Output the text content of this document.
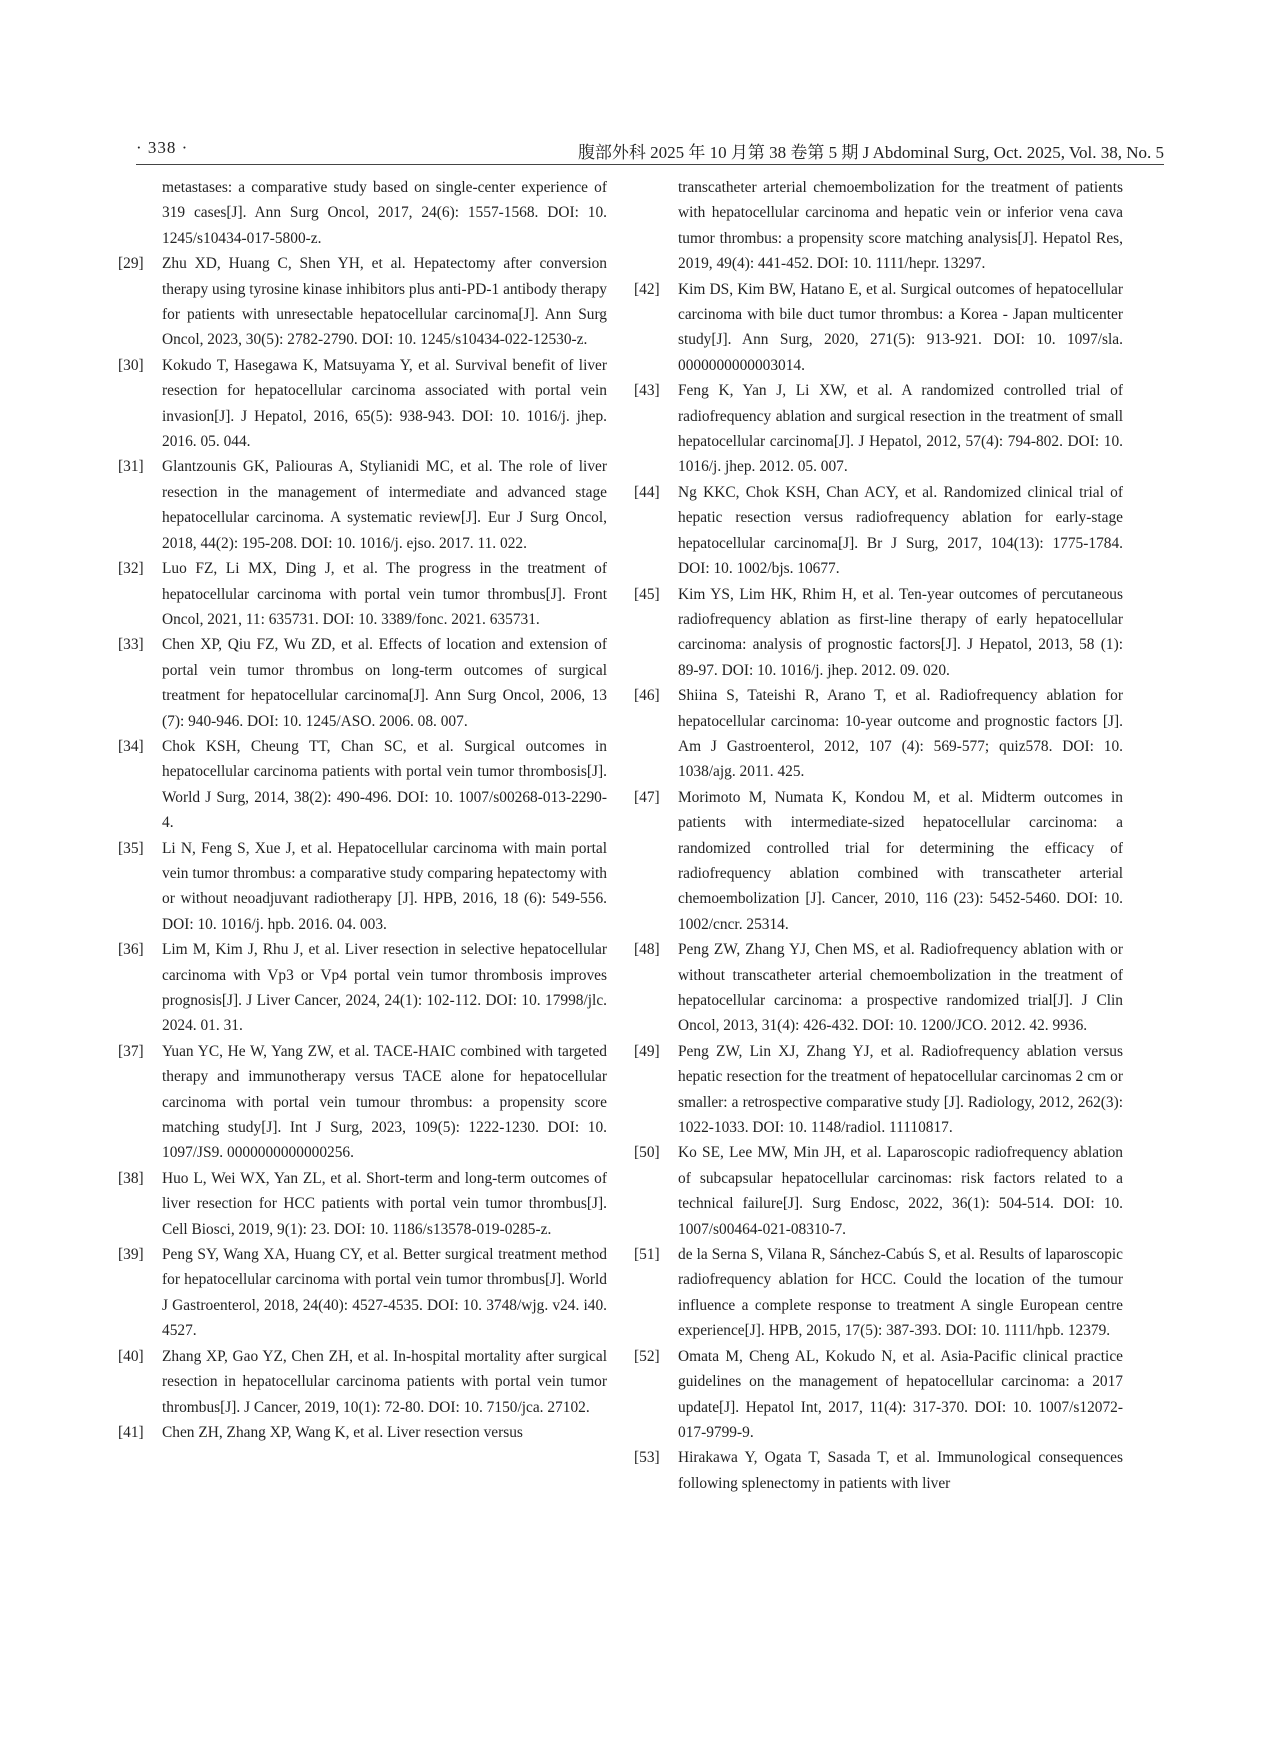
· 338 ·	腹部外科 2025 年 10 月第 38 卷第 5 期 J Abdominal Surg, Oct. 2025, Vol. 38, No. 5

metastases: a comparative study based on single-center experience of 319 cases[J]. Ann Surg Oncol, 2017, 24(6): 1557-1568. DOI: 10. 1245/s10434-017-5800-z.

[29] Zhu XD, Huang C, Shen YH, et al. Hepatectomy after conversion therapy using tyrosine kinase inhibitors plus anti-PD-1 antibody therapy for patients with unresectable hepatocellular carcinoma[J]. Ann Surg Oncol, 2023, 30(5): 2782-2790. DOI: 10. 1245/s10434-022-12530-z.

[30] Kokudo T, Hasegawa K, Matsuyama Y, et al. Survival benefit of liver resection for hepatocellular carcinoma associated with portal vein invasion[J]. J Hepatol, 2016, 65(5): 938-943. DOI: 10. 1016/j. jhep. 2016. 05. 044.

[31] Glantzounis GK, Paliouras A, Stylianidi MC, et al. The role of liver resection in the management of intermediate and advanced stage hepatocellular carcinoma. A systematic review[J]. Eur J Surg Oncol, 2018, 44(2): 195-208. DOI: 10. 1016/j. ejso. 2017. 11. 022.

[32] Luo FZ, Li MX, Ding J, et al. The progress in the treatment of hepatocellular carcinoma with portal vein tumor thrombus[J]. Front Oncol, 2021, 11: 635731. DOI: 10. 3389/fonc. 2021. 635731.

[33] Chen XP, Qiu FZ, Wu ZD, et al. Effects of location and extension of portal vein tumor thrombus on long-term outcomes of surgical treatment for hepatocellular carcinoma[J]. Ann Surg Oncol, 2006, 13 (7): 940-946. DOI: 10. 1245/ASO. 2006. 08. 007.

[34] Chok KSH, Cheung TT, Chan SC, et al. Surgical outcomes in hepatocellular carcinoma patients with portal vein tumor thrombosis[J]. World J Surg, 2014, 38(2): 490-496. DOI: 10. 1007/s00268-013-2290-4.

[35] Li N, Feng S, Xue J, et al. Hepatocellular carcinoma with main portal vein tumor thrombus: a comparative study comparing hepatectomy with or without neoadjuvant radiotherapy [J]. HPB, 2016, 18 (6): 549-556. DOI: 10. 1016/j. hpb. 2016. 04. 003.

[36] Lim M, Kim J, Rhu J, et al. Liver resection in selective hepatocellular carcinoma with Vp3 or Vp4 portal vein tumor thrombosis improves prognosis[J]. J Liver Cancer, 2024, 24(1): 102-112. DOI: 10. 17998/jlc. 2024. 01. 31.

[37] Yuan YC, He W, Yang ZW, et al. TACE-HAIC combined with targeted therapy and immunotherapy versus TACE alone for hepatocellular carcinoma with portal vein tumour thrombus: a propensity score matching study[J]. Int J Surg, 2023, 109(5): 1222-1230. DOI: 10. 1097/JS9. 0000000000000256.

[38] Huo L, Wei WX, Yan ZL, et al. Short-term and long-term outcomes of liver resection for HCC patients with portal vein tumor thrombus[J]. Cell Biosci, 2019, 9(1): 23. DOI: 10. 1186/s13578-019-0285-z.

[39] Peng SY, Wang XA, Huang CY, et al. Better surgical treatment method for hepatocellular carcinoma with portal vein tumor thrombus[J]. World J Gastroenterol, 2018, 24(40): 4527-4535. DOI: 10. 3748/wjg. v24. i40. 4527.

[40] Zhang XP, Gao YZ, Chen ZH, et al. In-hospital mortality after surgical resection in hepatocellular carcinoma patients with portal vein tumor thrombus[J]. J Cancer, 2019, 10(1): 72-80. DOI: 10. 7150/jca. 27102.

[41] Chen ZH, Zhang XP, Wang K, et al. Liver resection versus

transcatheter arterial chemoembolization for the treatment of patients with hepatocellular carcinoma and hepatic vein or inferior vena cava tumor thrombus: a propensity score matching analysis[J]. Hepatol Res, 2019, 49(4): 441-452. DOI: 10. 1111/hepr. 13297.

[42] Kim DS, Kim BW, Hatano E, et al. Surgical outcomes of hepatocellular carcinoma with bile duct tumor thrombus: a Korea - Japan multicenter study[J]. Ann Surg, 2020, 271(5): 913-921. DOI: 10. 1097/sla. 0000000000003014.

[43] Feng K, Yan J, Li XW, et al. A randomized controlled trial of radiofrequency ablation and surgical resection in the treatment of small hepatocellular carcinoma[J]. J Hepatol, 2012, 57(4): 794-802. DOI: 10. 1016/j. jhep. 2012. 05. 007.

[44] Ng KKC, Chok KSH, Chan ACY, et al. Randomized clinical trial of hepatic resection versus radiofrequency ablation for early-stage hepatocellular carcinoma[J]. Br J Surg, 2017, 104(13): 1775-1784. DOI: 10. 1002/bjs. 10677.

[45] Kim YS, Lim HK, Rhim H, et al. Ten-year outcomes of percutaneous radiofrequency ablation as first-line therapy of early hepatocellular carcinoma: analysis of prognostic factors[J]. J Hepatol, 2013, 58 (1): 89-97. DOI: 10. 1016/j. jhep. 2012. 09. 020.

[46] Shiina S, Tateishi R, Arano T, et al. Radiofrequency ablation for hepatocellular carcinoma: 10-year outcome and prognostic factors [J]. Am J Gastroenterol, 2012, 107 (4): 569-577; quiz578. DOI: 10. 1038/ajg. 2011. 425.

[47] Morimoto M, Numata K, Kondou M, et al. Midterm outcomes in patients with intermediate-sized hepatocellular carcinoma: a randomized controlled trial for determining the efficacy of radiofrequency ablation combined with transcatheter arterial chemoembolization [J]. Cancer, 2010, 116 (23): 5452-5460. DOI: 10. 1002/cncr. 25314.

[48] Peng ZW, Zhang YJ, Chen MS, et al. Radiofrequency ablation with or without transcatheter arterial chemoembolization in the treatment of hepatocellular carcinoma: a prospective randomized trial[J]. J Clin Oncol, 2013, 31(4): 426-432. DOI: 10. 1200/JCO. 2012. 42. 9936.

[49] Peng ZW, Lin XJ, Zhang YJ, et al. Radiofrequency ablation versus hepatic resection for the treatment of hepatocellular carcinomas 2 cm or smaller: a retrospective comparative study [J]. Radiology, 2012, 262(3): 1022-1033. DOI: 10. 1148/radiol. 11110817.

[50] Ko SE, Lee MW, Min JH, et al. Laparoscopic radiofrequency ablation of subcapsular hepatocellular carcinomas: risk factors related to a technical failure[J]. Surg Endosc, 2022, 36(1): 504-514. DOI: 10. 1007/s00464-021-08310-7.

[51] de la Serna S, Vilana R, Sánchez-Cabús S, et al. Results of laparoscopic radiofrequency ablation for HCC. Could the location of the tumour influence a complete response to treatment A single European centre experience[J]. HPB, 2015, 17(5): 387-393. DOI: 10. 1111/hpb. 12379.

[52] Omata M, Cheng AL, Kokudo N, et al. Asia-Pacific clinical practice guidelines on the management of hepatocellular carcinoma: a 2017 update[J]. Hepatol Int, 2017, 11(4): 317-370. DOI: 10. 1007/s12072-017-9799-9.

[53] Hirakawa Y, Ogata T, Sasada T, et al. Immunological consequences following splenectomy in patients with liver
